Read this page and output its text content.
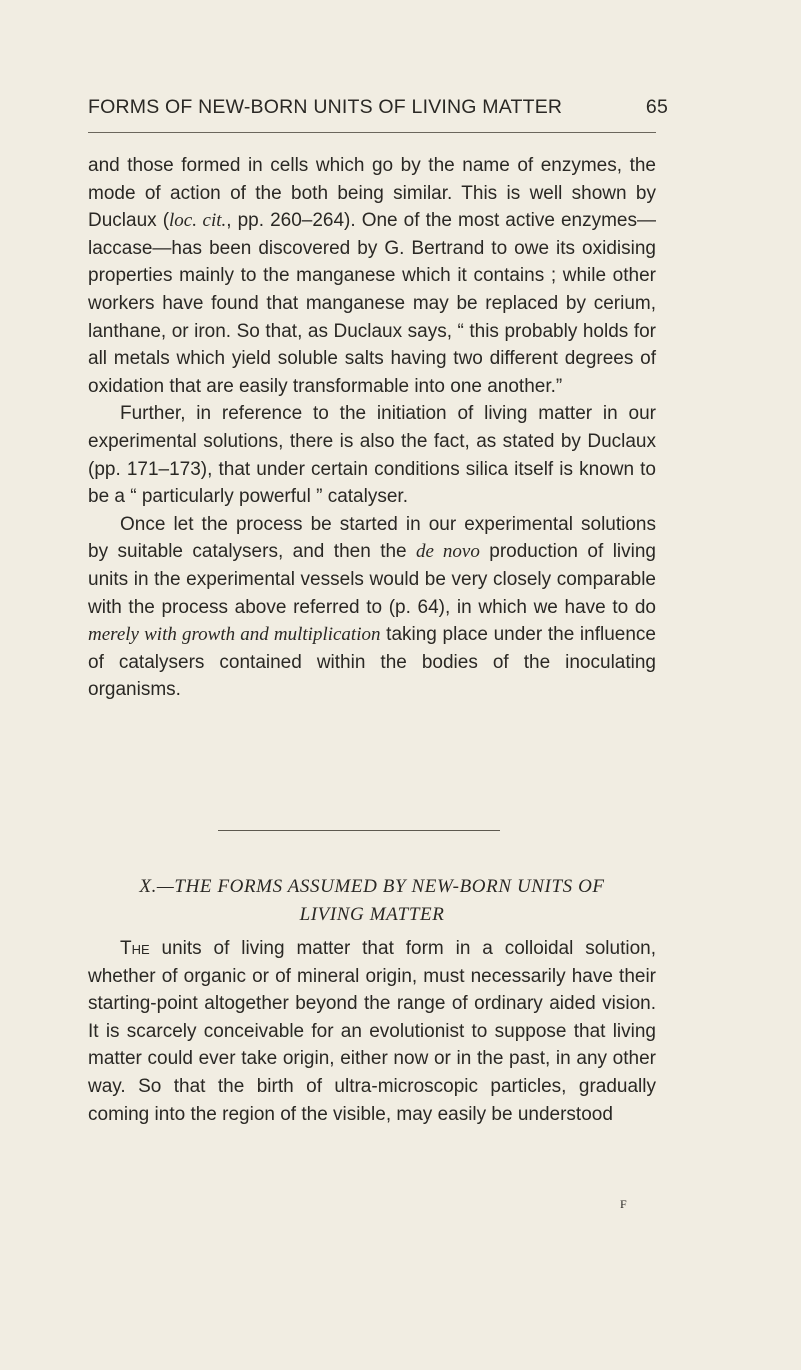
FORMS OF NEW-BORN UNITS OF LIVING MATTER	65

and those formed in cells which go by the name of enzymes, the mode of action of the both being similar. This is well shown by Duclaux (loc. cit., pp. 260–264). One of the most active enzymes—laccase—has been discovered by G. Bertrand to owe its oxidising properties mainly to the manganese which it contains ; while other workers have found that manganese may be replaced by cerium, lanthane, or iron. So that, as Duclaux says, “ this probably holds for all metals which yield soluble salts having two different degrees of oxidation that are easily transformable into one another.”

Further, in reference to the initiation of living matter in our experimental solutions, there is also the fact, as stated by Duclaux (pp. 171–173), that under certain conditions silica itself is known to be a “ particularly powerful ” catalyser.

Once let the process be started in our experimental solutions by suitable catalysers, and then the de novo production of living units in the experimental vessels would be very closely comparable with the process above referred to (p. 64), in which we have to do merely with growth and multiplication taking place under the influence of catalysers contained within the bodies of the inoculating organisms.

X.—THE FORMS ASSUMED BY NEW-BORN UNITS OF
LIVING MATTER

The units of living matter that form in a colloidal solution, whether of organic or of mineral origin, must necessarily have their starting-point altogether beyond the range of ordinary aided vision. It is scarcely conceivable for an evolutionist to suppose that living matter could ever take origin, either now or in the past, in any other way. So that the birth of ultra-microscopic particles, gradually coming into the region of the visible, may easily be understood

F
